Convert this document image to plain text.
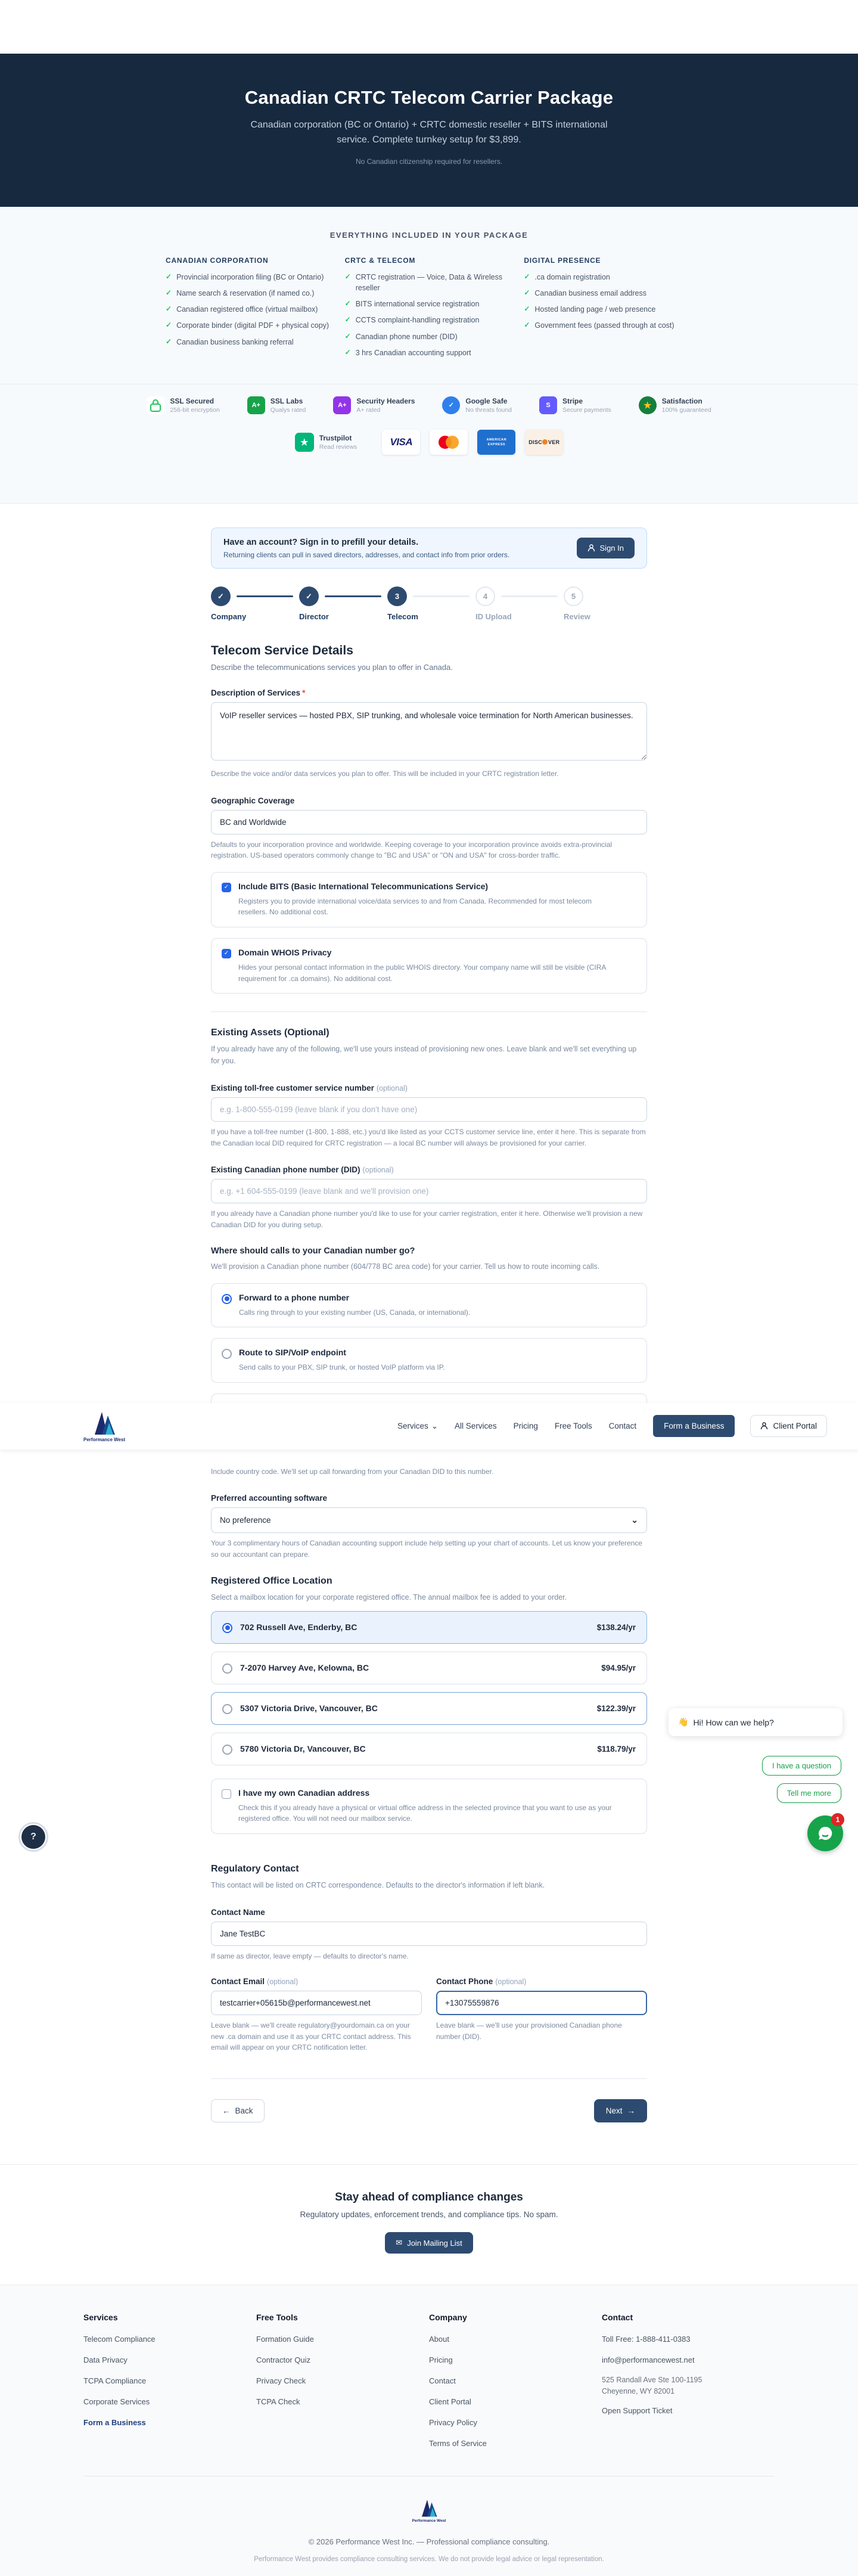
Canadian CRTC Telecom Carrier Package

Canadian corporation (BC or Ontario) + CRTC domestic reseller + BITS international service. Complete turnkey setup for $3,899.

No Canadian citizenship required for resellers.

EVERYTHING INCLUDED IN YOUR PACKAGE
CANADIAN CORPORATION
✓ Provincial incorporation filing (BC or Ontario)
✓ Name search & reservation (if named co.)
✓ Canadian registered office (virtual mailbox)
✓ Corporate binder (digital PDF + physical copy)
✓ Canadian business banking referral
CRTC & TELECOM
✓ CRTC registration — Voice, Data & Wireless reseller
✓ BITS international service registration
✓ CCTS complaint-handling registration
✓ Canadian phone number (DID)
✓ 3 hrs Canadian accounting support
DIGITAL PRESENCE
✓ .ca domain registration
✓ Canadian business email address
✓ Hosted landing page / web presence
✓ Government fees (passed through at cost)
SSL Secured
256-bit encryption
A+	SSL Labs
Qualys rated
A+	Security Headers
A+ rated
✓
Google Safe
No threats found
S	Stripe
Secure payments	★	Satisfaction
100% guaranteed
★	Trustpilot
Read reviews	VISA	AMERICAN
EXPRESS	DISC VER
Have an account? Sign in to prefill your details.

Returning clients can pull in saved directors, addresses, and contact info from prior orders.

Sign In
✓	✓	3	4	5
Company	Director	Telecom	ID Upload	Review
Telecom Service Details

Describe the telecommunications services you plan to offer in Canada.

Description of Services *
VoIP reseller services — hosted PBX, SIP trunking, and wholesale voice termination for North American businesses.

Describe the voice and/or data services you plan to offer. This will be included in your CRTC registration letter.

Geographic Coverage
BC and Worldwide

Defaults to your incorporation province and worldwide. Keeping coverage to your incorporation province avoids extra-provincial registration. US-based operators commonly change to "BC and USA" or "ON and USA" for cross-border traffic.

✓ Include BITS (Basic International Telecommunications Service)

Registers you to provide international voice/data services to and from Canada. Recommended for most telecom resellers. No additional cost.

✓ Domain WHOIS Privacy

Hides your personal contact information in the public WHOIS directory. Your company name will still be visible (CIRA requirement for .ca domains). No additional cost.

Existing Assets (Optional)

If you already have any of the following, we'll use yours instead of provisioning new ones. Leave blank and we'll set everything up for you.

Existing toll-free customer service number (optional)
e.g. 1-800-555-0199 (leave blank if you don't have one)

If you have a toll-free number (1-800, 1-888, etc.) you'd like listed as your CCTS customer service line, enter it here. This is separate from the Canadian local DID required for CRTC registration — a local BC number will always be provisioned for your carrier.

Existing Canadian phone number (DID) (optional)
e.g. +1 604-555-0199 (leave blank and we'll provision one)

If you already have a Canadian phone number you'd like to use for your carrier registration, enter it here. Otherwise we'll provision a new Canadian DID for you during setup.

Where should calls to your Canadian number go?

We'll provision a Canadian phone number (604/778 BC area code) for your carrier. Tell us how to route incoming calls.

Forward to a phone number

Calls ring through to your existing number (US, Canada, or international).

Route to SIP/VoIP endpoint

Send calls to your PBX, SIP trunk, or hosted VoIP platform via IP.

Performance West
Services ⌄ All Services Pricing Free Tools Contact	Form a Business	Client Portal

Include country code. We'll set up call forwarding from your Canadian DID to this number.

Preferred accounting software
No preference	⌄

Your 3 complimentary hours of Canadian accounting support include help setting up your chart of accounts. Let us know your preference so our accountant can prepare.

Registered Office Location

Select a mailbox location for your corporate registered office. The annual mailbox fee is added to your order.

702 Russell Ave, Enderby, BC	$138.24/yr
7-2070 Harvey Ave, Kelowna, BC	$94.95/yr
5307 Victoria Drive, Vancouver, BC	$122.39/yr
5780 Victoria Dr, Vancouver, BC	$118.79/yr
I have my own Canadian address

Check this if you already have a physical or virtual office address in the selected province that you want to use as your registered office. You will not need our mailbox service.

Regulatory Contact

This contact will be listed on CRTC correspondence. Defaults to the director's information if left blank.

Contact Name
Jane TestBC

If same as director, leave empty — defaults to director's name.

Contact Email (optional)
testcarrier+05615b@performancewest.net

Leave blank — we'll create regulatory@yourdomain.ca on your new .ca domain and use it as your CRTC contact address. This email will appear on your CRTC notification letter.

Contact Phone (optional)
+13075559876

Leave blank — we'll use your provisioned Canadian phone number (DID).

← Back	Next →
Stay ahead of compliance changes

Regulatory updates, enforcement trends, and compliance tips. No spam.

✉ Join Mailing List
Services
Telecom Compliance
Data Privacy
TCPA Compliance
Corporate Services
Form a Business
Free Tools
Formation Guide
Contractor Quiz
Privacy Check
TCPA Check
Company
About
Pricing
Contact
Client Portal
Privacy Policy
Terms of Service
Contact
Toll Free: 1-888-411-0383
info@performancewest.net
525 Randall Ave Ste 100-1195
Cheyenne, WY 82001
Open Support Ticket
Performance West

© 2026 Performance West Inc. — Professional compliance consulting.

Performance West provides compliance consulting services. We do not provide legal advice or legal representation.

?
👋 Hi! How can we help?
I have a question
Tell me more
1
